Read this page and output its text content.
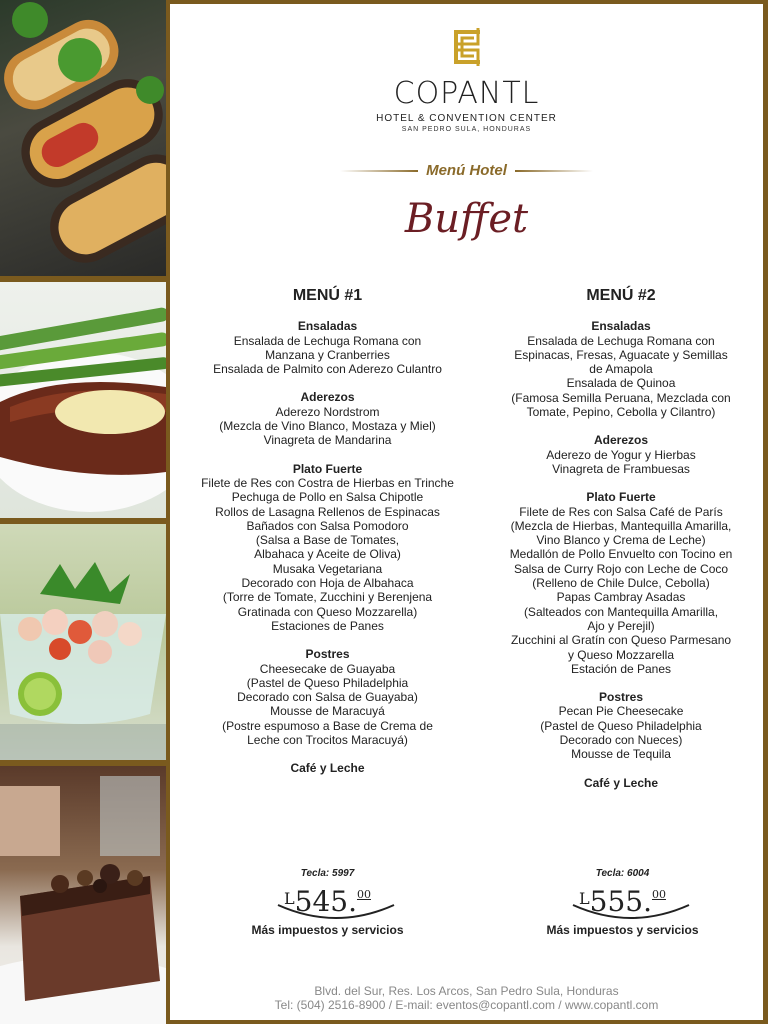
COPANTL
HOTEL & CONVENTION CENTER
SAN PEDRO SULA, HONDURAS
Menú Hotel
Buffet
MENÚ #1
Ensaladas
Ensalada de Lechuga Romana con
Manzana y Cranberries
Ensalada de Palmito con Aderezo Culantro
Aderezos
Aderezo Nordstrom
(Mezcla de Vino Blanco, Mostaza y Miel)
Vinagreta de Mandarina
Plato Fuerte
Filete de Res con Costra de Hierbas en Trinche
Pechuga de Pollo en Salsa Chipotle
Rollos de Lasagna Rellenos de Espinacas
Bañados con Salsa Pomodoro
(Salsa a Base de Tomates,
Albahaca y Aceite de Oliva)
Musaka Vegetariana
Decorado con Hoja de Albahaca
(Torre de Tomate, Zucchini y Berenjena
Gratinada con Queso Mozzarella)
Estaciones de Panes
Postres
Cheesecake de Guayaba
(Pastel de Queso Philadelphia
Decorado con Salsa de Guayaba)
Mousse de Maracuyá
(Postre espumoso a Base de Crema de
Leche con Trocitos Maracuyá)
Café y Leche
MENÚ #2
Ensaladas
Ensalada de Lechuga Romana con
Espinacas, Fresas, Aguacate y Semillas
de Amapola
Ensalada de Quinoa
(Famosa Semilla Peruana, Mezclada con
Tomate, Pepino, Cebolla y Cilantro)
Aderezos
Aderezo de Yogur y Hierbas
Vinagreta de Frambuesas
Plato Fuerte
Filete de Res con Salsa Café de París
(Mezcla de Hierbas, Mantequilla Amarilla,
Vino Blanco y Crema de Leche)
Medallón de Pollo Envuelto con Tocino en
Salsa de Curry Rojo con Leche de Coco
(Relleno de Chile Dulce, Cebolla)
Papas Cambray Asadas
(Salteados con Mantequilla Amarilla,
Ajo y Perejil)
Zucchini al Gratín con Queso Parmesano
y Queso Mozzarella
Estación de Panes
Postres
Pecan Pie Cheesecake
(Pastel de Queso Philadelphia
Decorado con Nueces)
Mousse de Tequila
Café y Leche
Tecla: 5997
$^L$545.00
Más impuestos y servicios
Tecla: 6004
$^L$555.00
Más impuestos y servicios
Blvd. del Sur, Res. Los Arcos, San Pedro Sula, Honduras
Tel: (504) 2516-8900 / E-mail: eventos@copantl.com / www.copantl.com
